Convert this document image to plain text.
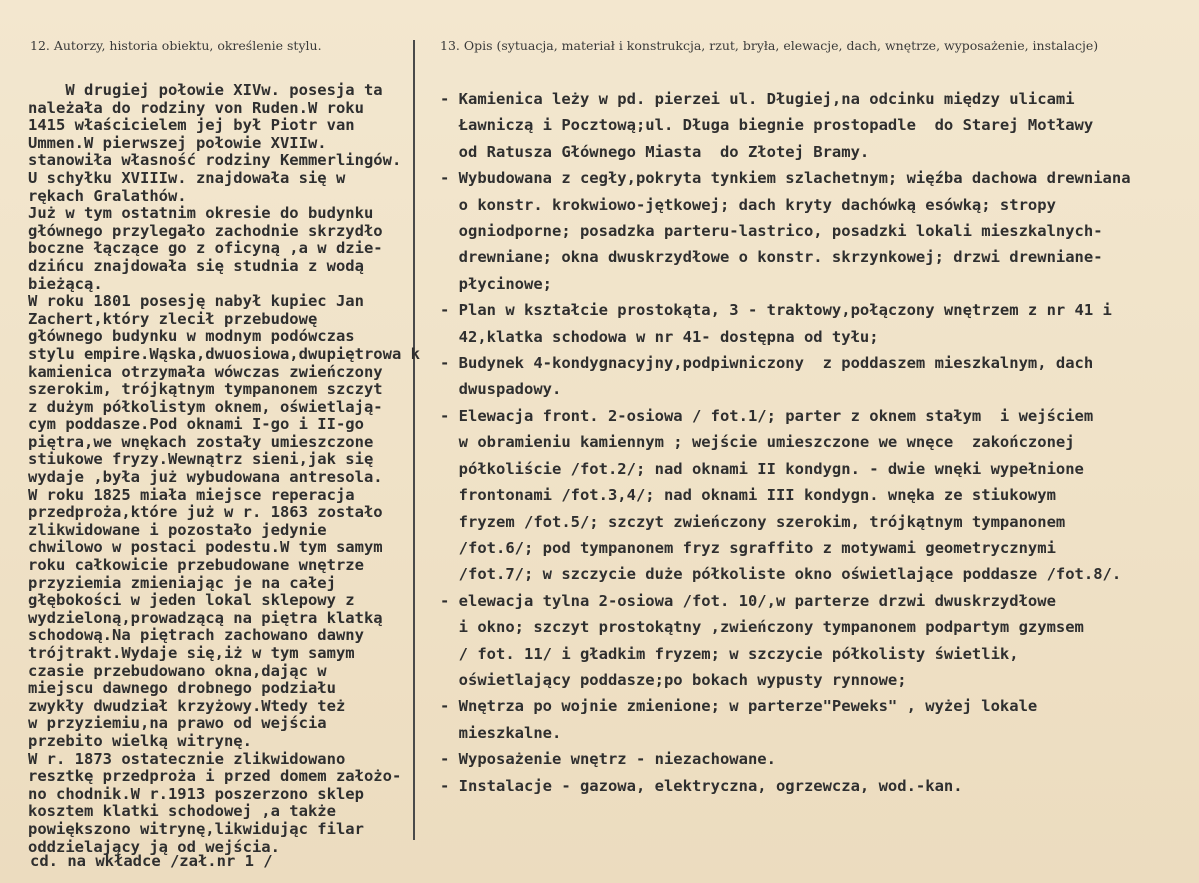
12. Autorzy, historia obiektu, określenie stylu.	13. Opis (sytuacja, materiał i konstrukcja, rzut, bryła, elewacje, dach, wnętrze, wyposażenie, instalacje)
W drugiej połowie XIVw. posesja ta
należała do rodziny von Ruden.W roku
1415 właścicielem jej był Piotr van
Ummen.W pierwszej połowie XVIIw.
stanowiła własność rodziny Kemmerlingów.
U schyłku XVIIIw. znajdowała się w
rękach Gralathów.
Już w tym ostatnim okresie do budynku
głównego przylegało zachodnie skrzydło
boczne łączące go z oficyną ,a w dzie-
dzińcu znajdowała się studnia z wodą
bieżącą.
W roku 1801 posesję nabył kupiec Jan
Zachert,który zlecił przebudowę
głównego budynku w modnym podówczas
stylu empire.Wąska,dwuosiowa,dwupiętrowa k
kamienica otrzymała wówczas zwieńczony
szerokim, trójkątnym tympanonem szczyt
z dużym półkolistym oknem, oświetlają-
cym poddasze.Pod oknami I-go i II-go
piętra,we wnękach zostały umieszczone
stiukowe fryzy.Wewnątrz sieni,jak się
wydaje ,była już wybudowana antresola.
W roku 1825 miała miejsce reperacja
przedproża,które już w r. 1863 zostało
zlikwidowane i pozostało jedynie
chwilowo w postaci podestu.W tym samym
roku całkowicie przebudowane wnętrze
przyziemia zmieniając je na całej
głębokości w jeden lokal sklepowy z
wydzieloną,prowadzącą na piętra klatką
schodową.Na piętrach zachowano dawny
trójtrakt.Wydaje się,iż w tym samym
czasie przebudowano okna,dając w
miejscu dawnego drobnego podziału
zwykły dwudział krzyżowy.Wtedy też
w przyziemiu,na prawo od wejścia
przebito wielką witrynę.
W r. 1873 ostatecznie zlikwidowano
resztkę przedproża i przed domem założo-
no chodnik.W r.1913 poszerzono sklep
kosztem klatki schodowej ,a także
powiększono witrynę,likwidując filar
oddzielający ją od wejścia.
- Kamienica leży w pd. pierzei ul. Długiej,na odcinku między ulicami
Ławniczą i Pocztową;ul. Długa biegnie prostopadle  do Starej Motławy
od Ratusza Głównego Miasta  do Złotej Bramy.
- Wybudowana z cegły,pokryta tynkiem szlachetnym; więźba dachowa drewniana
o konstr. krokwiowo-jętkowej; dach kryty dachówką esówką; stropy
ogniodporne; posadzka parteru-lastrico, posadzki lokali mieszkalnych-
drewniane; okna dwuskrzydłowe o konstr. skrzynkowej; drzwi drewniane-
płycinowe;
- Plan w kształcie prostokąta, 3 - traktowy,połączony wnętrzem z nr 41 i
42,klatka schodowa w nr 41- dostępna od tyłu;
- Budynek 4-kondygnacyjny,podpiwniczony  z poddaszem mieszkalnym, dach
dwuspadowy.
- Elewacja front. 2-osiowa / fot.1/; parter z oknem stałym  i wejściem
w obramieniu kamiennym ; wejście umieszczone we wnęce  zakończonej
półkoliście /fot.2/; nad oknami II kondygn. - dwie wnęki wypełnione
frontonami /fot.3,4/; nad oknami III kondygn. wnęka ze stiukowym
fryzem /fot.5/; szczyt zwieńczony szerokim, trójkątnym tympanonem
/fot.6/; pod tympanonem fryz sgraffito z motywami geometrycznymi
/fot.7/; w szczycie duże półkoliste okno oświetlające poddasze /fot.8/.
- elewacja tylna 2-osiowa /fot. 10/,w parterze drzwi dwuskrzydłowe
i okno; szczyt prostokątny ,zwieńczony tympanonem podpartym gzymsem
/ fot. 11/ i gładkim fryzem; w szczycie półkolisty świetlik,
oświetlający poddasze;po bokach wypusty rynnowe;
- Wnętrza po wojnie zmienione; w parterze"Peweks" , wyżej lokale
mieszkalne.
- Wyposażenie wnętrz - niezachowane.
- Instalacje - gazowa, elektryczna, ogrzewcza, wod.-kan.
cd. na wkładce /zał.nr 1 /
